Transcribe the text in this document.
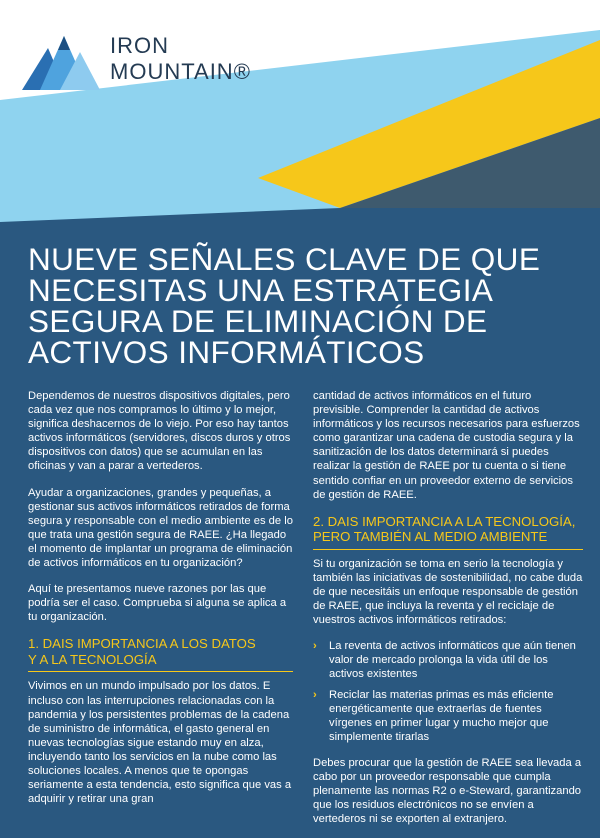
IRON
MOUNTAIN®
NUEVE SEÑALES CLAVE DE QUE
NECESITAS UNA ESTRATEGIA
SEGURA DE ELIMINACIÓN DE
ACTIVOS INFORMÁTICOS

Dependemos de nuestros dispositivos digitales, pero cada vez que nos compramos lo último y lo mejor, significa deshacernos de lo viejo. Por eso hay tantos activos informáticos (servidores, discos duros y otros dispositivos con datos) que se acumulan en las oficinas y van a parar a vertederos.

Ayudar a organizaciones, grandes y pequeñas, a gestionar sus activos informáticos retirados de forma segura y responsable con el medio ambiente es de lo que trata una gestión segura de RAEE. ¿Ha llegado el momento de implantar un programa de eliminación de activos informáticos en tu organización?

Aquí te presentamos nueve razones por las que podría ser el caso. Comprueba si alguna se aplica a tu organización.

1. DAIS IMPORTANCIA A LOS DATOS
Y A LA TECNOLOGÍA

Vivimos en un mundo impulsado por los datos. E incluso con las interrupciones relacionadas con la pandemia y los persistentes problemas de la cadena de suministro de informática, el gasto general en nuevas tecnologías sigue estando muy en alza, incluyendo tanto los servicios en la nube como las soluciones locales. A menos que te opongas seriamente a esta tendencia, esto significa que vas a adquirir y retirar una gran

cantidad de activos informáticos en el futuro previsible. Comprender la cantidad de activos informáticos y los recursos necesarios para esfuerzos como garantizar una cadena de custodia segura y la sanitización de los datos determinará si puedes realizar la gestión de RAEE por tu cuenta o si tiene sentido confiar en un proveedor externo de servicios de gestión de RAEE.

2. DAIS IMPORTANCIA A LA TECNOLOGÍA,
PERO TAMBIÉN AL MEDIO AMBIENTE

Si tu organización se toma en serio la tecnología y también las iniciativas de sostenibilidad, no cabe duda de que necesitáis un enfoque responsable de gestión de RAEE, que incluya la reventa y el reciclaje de vuestros activos informáticos retirados:

› La reventa de activos informáticos que aún tienen valor de mercado prolonga la vida útil de los activos existentes
› Reciclar las materias primas es más eficiente energéticamente que extraerlas de fuentes vírgenes en primer lugar y mucho mejor que simplemente tirarlas

Debes procurar que la gestión de RAEE sea llevada a cabo por un proveedor responsable que cumpla plenamente las normas R2 o e-Steward, garantizando que los residuos electrónicos no se envíen a vertederos ni se exporten al extranjero.
